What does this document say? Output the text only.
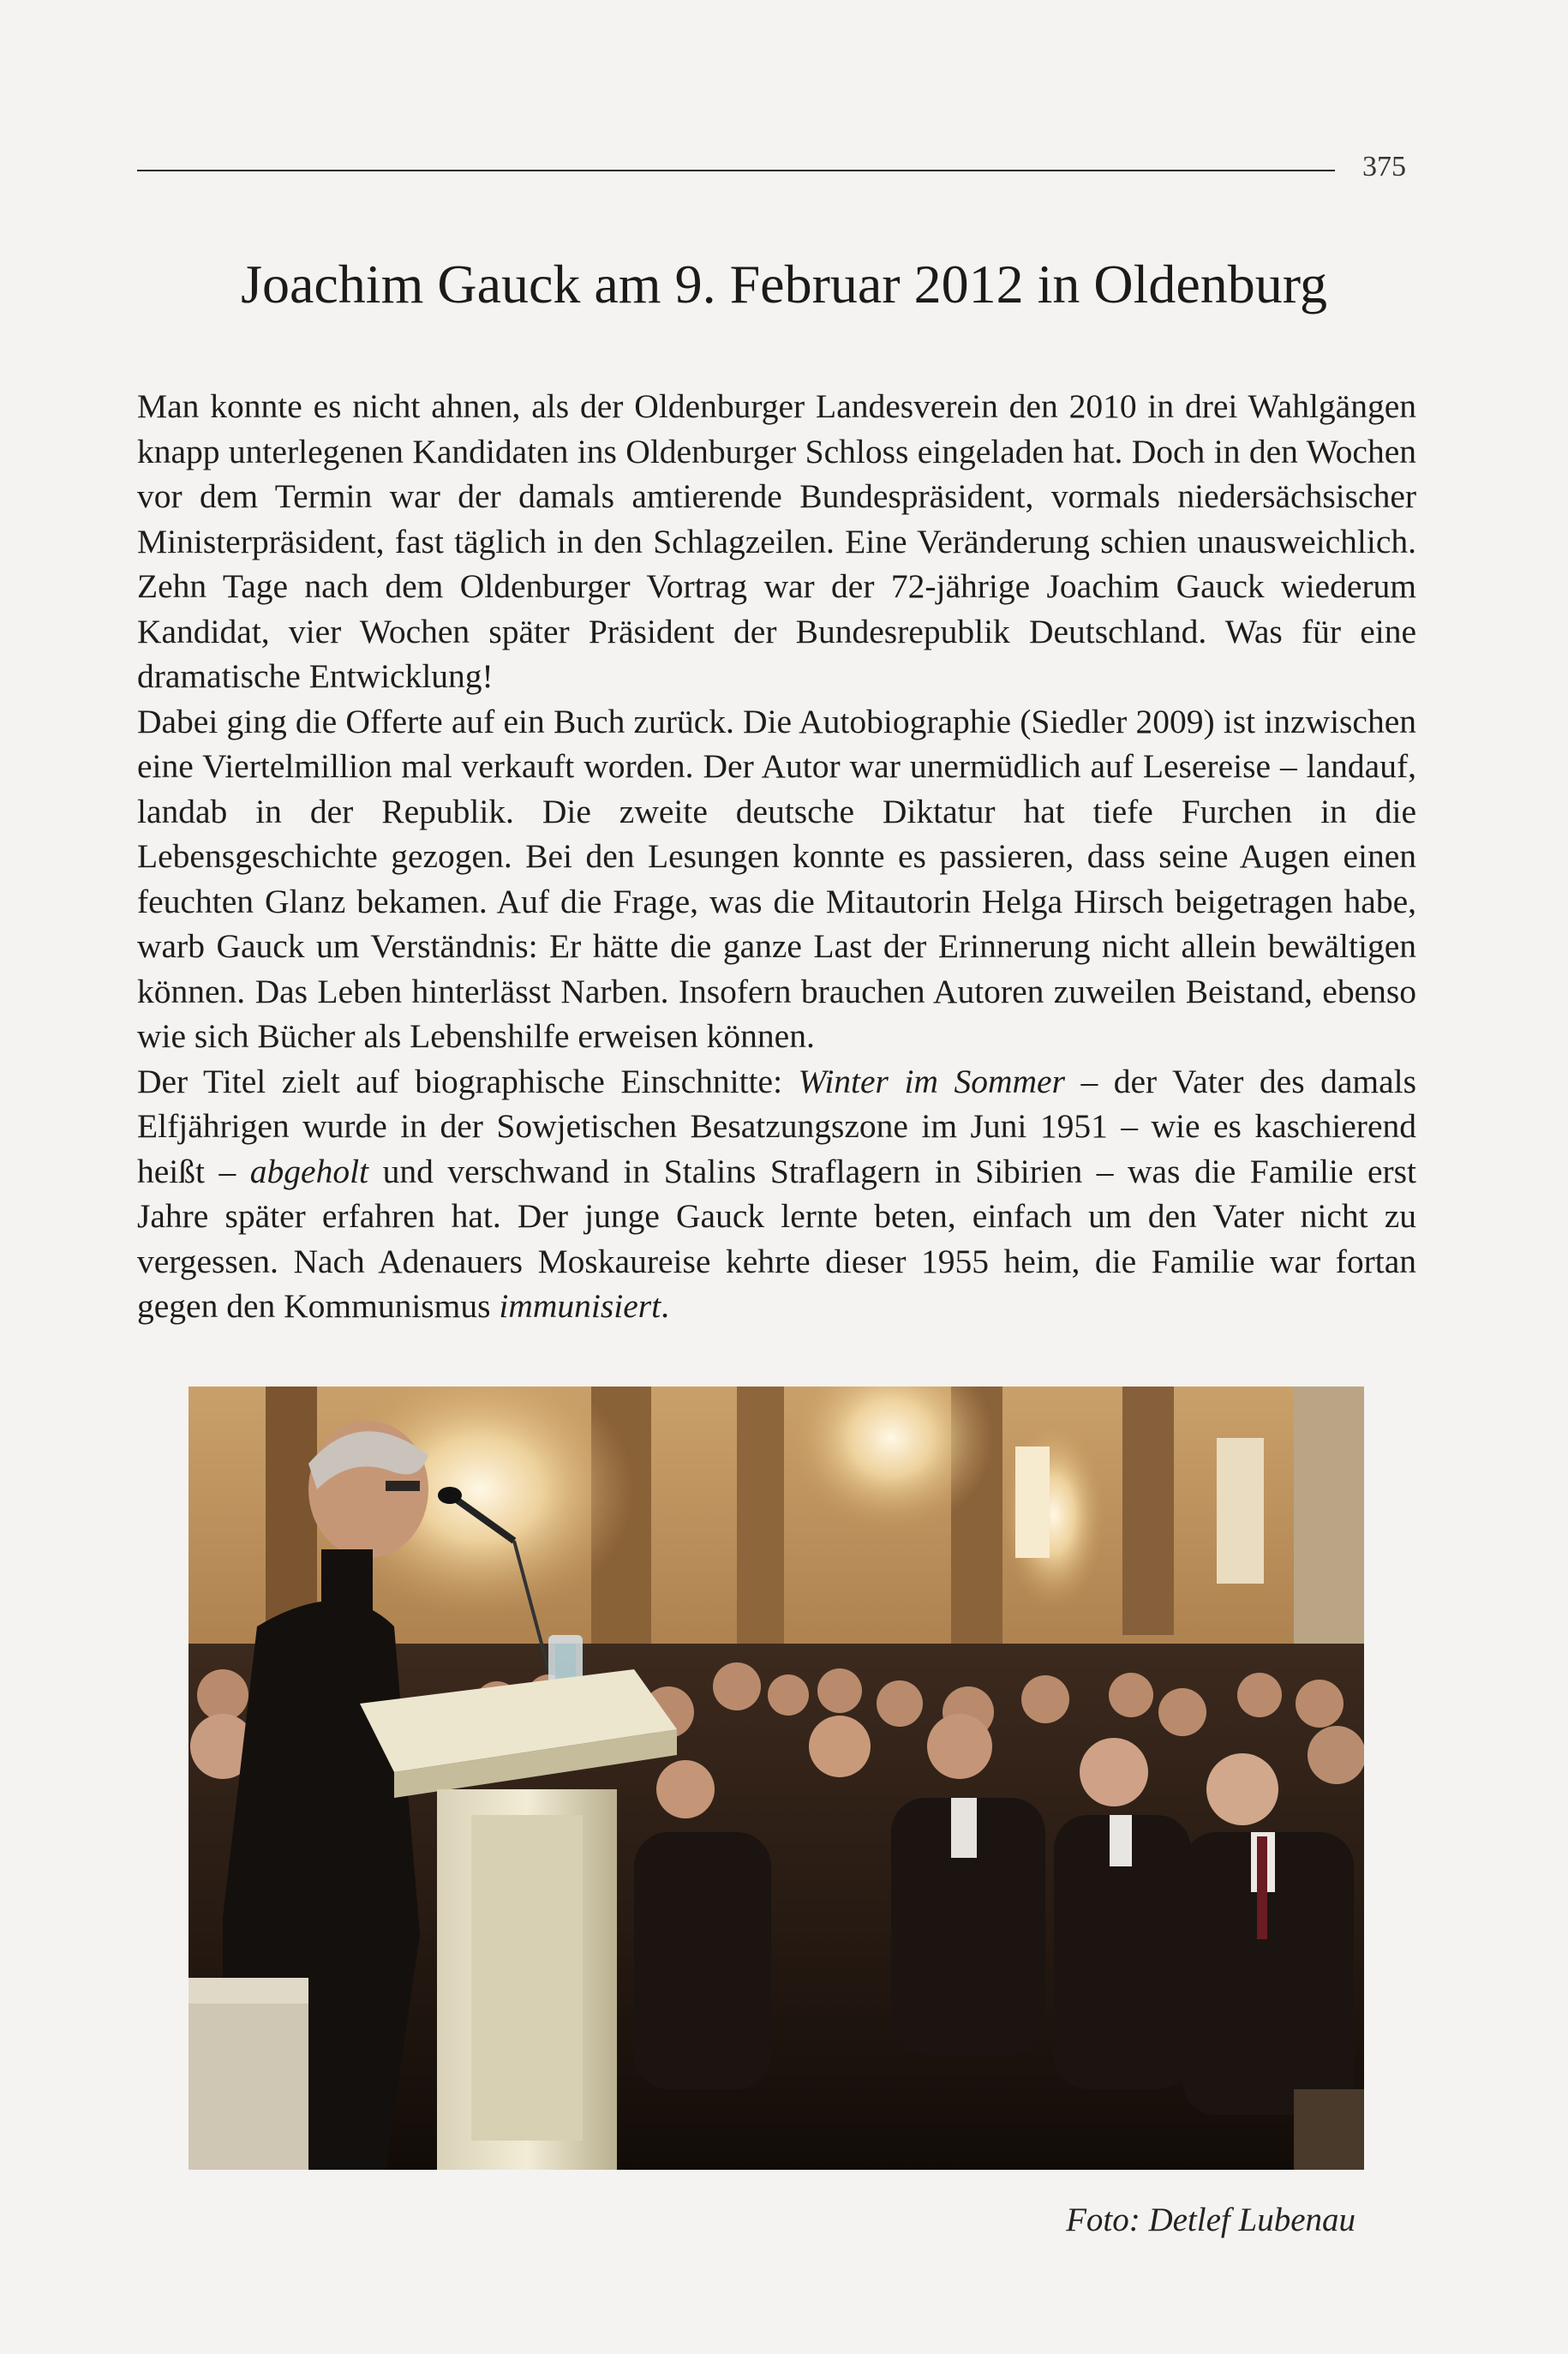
375
Joachim Gauck am 9. Februar 2012 in Oldenburg

Man konnte es nicht ahnen, als der Oldenburger Landesverein den 2010 in drei Wahlgängen knapp unterlegenen Kandidaten ins Oldenburger Schloss eingeladen hat. Doch in den Wochen vor dem Termin war der damals amtierende Bundespräsident, vormals niedersächsischer Ministerpräsident, fast täglich in den Schlagzeilen. Eine Veränderung schien unausweichlich. Zehn Tage nach dem Oldenburger Vortrag war der 72-jährige Joachim Gauck wiederum Kandidat, vier Wochen später Präsident der Bundesrepublik Deutschland. Was für eine dramatische Entwicklung!

Dabei ging die Offerte auf ein Buch zurück. Die Autobiographie (Siedler 2009) ist inzwischen eine Viertelmillion mal verkauft worden. Der Autor war unermüdlich auf Lesereise – landauf, landab in der Republik. Die zweite deutsche Diktatur hat tiefe Furchen in die Lebensgeschichte gezogen. Bei den Lesungen konnte es passieren, dass seine Augen einen feuchten Glanz bekamen. Auf die Frage, was die Mitautorin Helga Hirsch beigetragen habe, warb Gauck um Verständnis: Er hätte die ganze Last der Erinnerung nicht allein bewältigen können. Das Leben hinterlässt Narben. Insofern brauchen Autoren zuweilen Beistand, ebenso wie sich Bücher als Lebenshilfe erweisen können.

Der Titel zielt auf biographische Einschnitte: Winter im Sommer – der Vater des damals Elfjährigen wurde in der Sowjetischen Besatzungszone im Juni 1951 – wie es kaschierend heißt – abgeholt und verschwand in Stalins Straflagern in Sibirien – was die Familie erst Jahre später erfahren hat. Der junge Gauck lernte beten, einfach um den Vater nicht zu vergessen. Nach Adenauers Moskaureise kehrte dieser 1955 heim, die Familie war fortan gegen den Kommunismus immunisiert.

Foto: Detlef Lubenau
